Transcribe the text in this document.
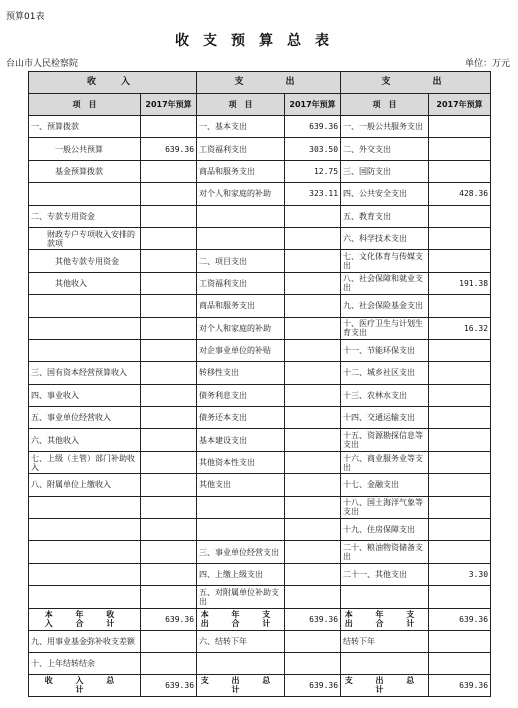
预算01表
收支预算总表
台山市人民检察院	单位：万元
收　入		支　　出		支　　出	
项　目	2017年预算	项　目	2017年预算	项　目	2017年预算
一、预算拨款		一、基本支出	639.36	一、一般公共服务支出	
一般公共预算	639.36	工资福利支出	303.50	二、外交支出	
基金预算拨款		商品和服务支出	12.75	三、国防支出	
		对个人和家庭的补助	323.11	四、公共安全支出	428.36
二、专款专用资金				五、教育支出	
财政专户专项收入安排的款项				六、科学技术支出	
其他专款专用资金		二、项目支出		七、文化体育与传媒支出	
其他收入		工资福利支出		八、社会保障和就业支出	191.38
		商品和服务支出		九、社会保险基金支出	
		对个人和家庭的补助		十、医疗卫生与计划生育支出	16.32
		对企事业单位的补贴		十一、节能环保支出	
三、国有资本经营预算收入		转移性支出		十二、城乡社区支出	
四、事业收入		债务利息支出		十三、农林水支出	
五、事业单位经营收入		债务还本支出		十四、交通运输支出	
六、其他收入		基本建设支出		十五、资源勘探信息等支出	
七、上级（主管）部门补助收入		其他资本性支出		十六、商业服务业等支出	
八、附属单位上缴收入		其他支出		十七、金融支出	
				十八、国土海洋气象等支出	
				十九、住房保障支出	
		三、事业单位经营支出		二十、粮油物资储备支出	
		四、上缴上级支出		二十一、其他支出	3.30
		五、对附属单位补助支出			
本 年 收 入 合 计	639.36	本 年 支 出 合 计	639.36	本 年 支 出 合 计	639.36
九、用事业基金弥补收支差额		六、结转下年		结转下年	
十、上年结转结余					
收 入 总 计	639.36	支 出 总 计	639.36	支 出 总 计	639.36
